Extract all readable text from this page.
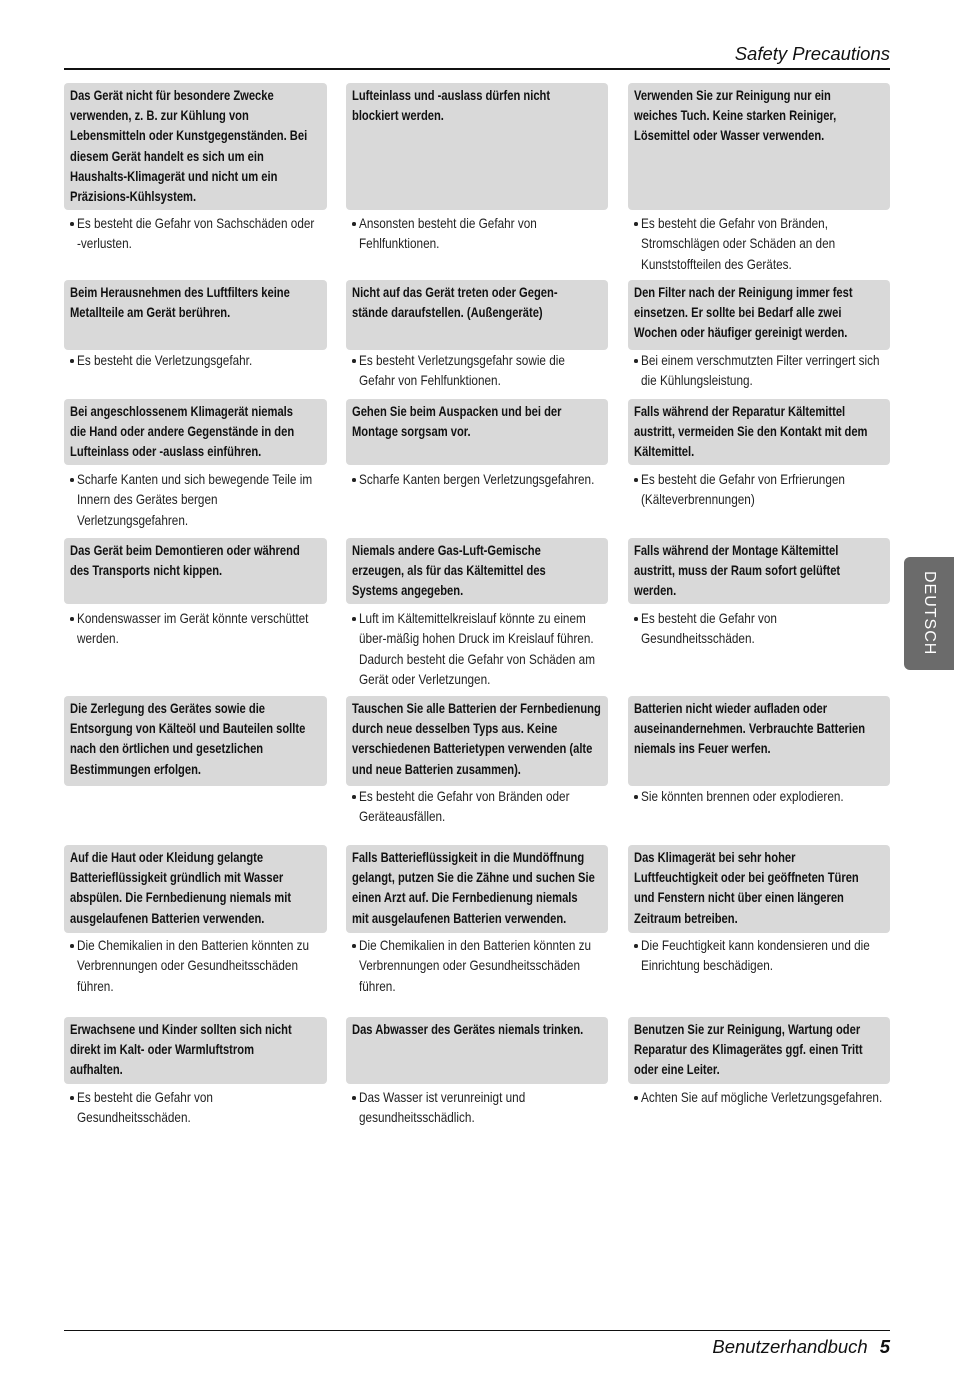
Safety Precautions
DEUTSCH
Das Gerät nicht für besondere Zwecke
verwenden, z. B. zur Kühlung von
Lebensmitteln oder Kunstgegenständen. Bei
diesem Gerät handelt es sich um ein
Haushalts-Klimagerät und nicht um ein
Präzisions-Kühlsystem.
Es besteht die Gefahr von Sachschäden oder
-verlusten.
Lufteinlass und -auslass dürfen nicht
blockiert werden.
Ansonsten besteht die Gefahr von
Fehlfunktionen.
Verwenden Sie zur Reinigung nur ein
weiches Tuch. Keine starken Reiniger,
Lösemittel oder Wasser verwenden.
Es besteht die Gefahr von Bränden,
Stromschlägen oder Schäden an den
Kunststoffteilen des Gerätes.
Beim Herausnehmen des Luftfilters keine
Metallteile am Gerät berühren.
Es besteht die Verletzungsgefahr.
Nicht auf das Gerät treten oder Gegen-
stände daraufstellen. (Außengeräte)
Es besteht Verletzungsgefahr sowie die
Gefahr von Fehlfunktionen.
Den Filter nach der Reinigung immer fest
einsetzen. Er sollte bei Bedarf alle zwei
Wochen oder häufiger gereinigt werden.
Bei einem verschmutzten Filter verringert sich
die Kühlungsleistung.
Bei angeschlossenem Klimagerät niemals
die Hand oder andere Gegenstände in den
Lufteinlass oder -auslass einführen.
Scharfe Kanten und sich bewegende Teile im
Innern des Gerätes bergen
Verletzungsgefahren.
Gehen Sie beim Auspacken und bei der
Montage sorgsam vor.
Scharfe Kanten bergen Verletzungsgefahren.
Falls während der Reparatur Kältemittel
austritt, vermeiden Sie den Kontakt mit dem
Kältemittel.
Es besteht die Gefahr von Erfrierungen
(Kälteverbrennungen)
Das Gerät beim Demontieren oder während
des Transports nicht kippen.
Kondenswasser im Gerät könnte verschüttet
werden.
Niemals andere Gas-Luft-Gemische
erzeugen, als für das Kältemittel des
Systems angegeben.
Luft im Kältemittelkreislauf könnte zu einem
über-mäßig hohen Druck im Kreislauf führen.
Dadurch besteht die Gefahr von Schäden am
Gerät oder Verletzungen.
Falls während der Montage Kältemittel
austritt, muss der Raum sofort gelüftet
werden.
Es besteht die Gefahr von
Gesundheitsschäden.
Die Zerlegung des Gerätes sowie die
Entsorgung von Kälteöl und Bauteilen sollte
nach den örtlichen und gesetzlichen
Bestimmungen erfolgen.
Tauschen Sie alle Batterien der Fernbedienung
durch neue desselben Typs aus. Keine
verschiedenen Batterietypen verwenden (alte
und neue Batterien zusammen).
Es besteht die Gefahr von Bränden oder
Geräteausfällen.
Batterien nicht wieder aufladen oder
auseinandernehmen. Verbrauchte Batterien
niemals ins Feuer werfen.
Sie könnten brennen oder explodieren.
Auf die Haut oder Kleidung gelangte
Batterieflüssigkeit gründlich mit Wasser
abspülen. Die Fernbedienung niemals mit
ausgelaufenen Batterien verwenden.
Die Chemikalien in den Batterien könnten zu
Verbrennungen oder Gesundheitsschäden
führen.
Falls Batterieflüssigkeit in die Mundöffnung
gelangt, putzen Sie die Zähne und suchen Sie
einen Arzt auf. Die Fernbedienung niemals
mit ausgelaufenen Batterien verwenden.
Die Chemikalien in den Batterien könnten zu
Verbrennungen oder Gesundheitsschäden
führen.
Das Klimagerät bei sehr hoher
Luftfeuchtigkeit oder bei geöffneten Türen
und Fenstern nicht über einen längeren
Zeitraum betreiben.
Die Feuchtigkeit kann kondensieren und die
Einrichtung beschädigen.
Erwachsene und Kinder sollten sich nicht
direkt im Kalt- oder Warmluftstrom
aufhalten.
Es besteht die Gefahr von
Gesundheitsschäden.
Das Abwasser des Gerätes niemals trinken.
Das Wasser ist verunreinigt und
gesundheitsschädlich.
Benutzen Sie zur Reinigung, Wartung oder
Reparatur des Klimagerätes ggf. einen Tritt
oder eine Leiter.
Achten Sie auf mögliche Verletzungsgefahren.
Benutzerhandbuch 5
